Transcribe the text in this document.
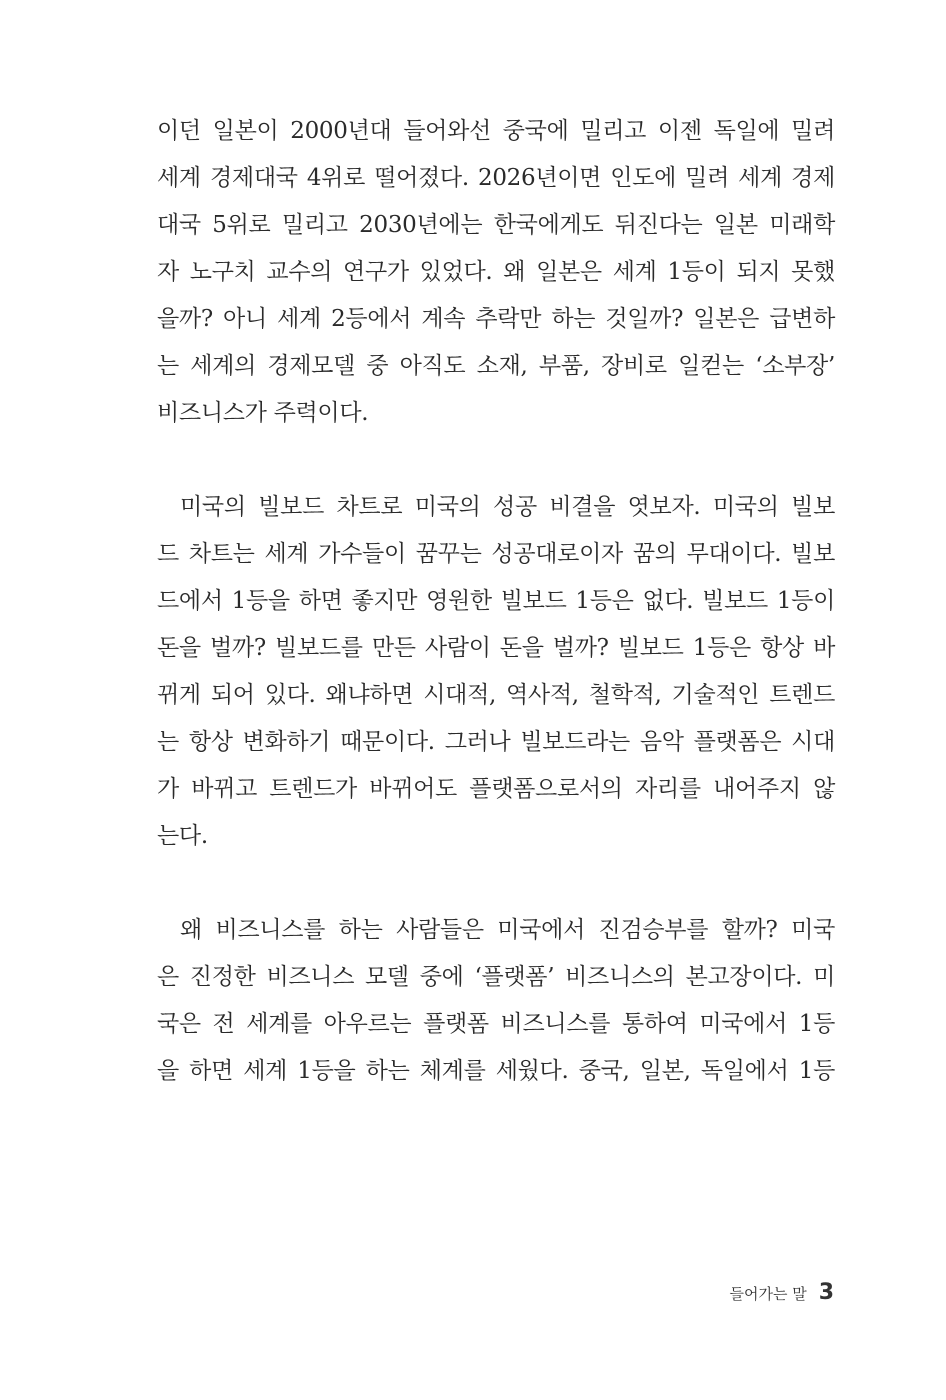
이던 일본이 2000년대 들어와선 중국에 밀리고 이젠 독일에 밀려
세계 경제대국 4위로 떨어졌다. 2026년이면 인도에 밀려 세계 경제
대국 5위로 밀리고 2030년에는 한국에게도 뒤진다는 일본 미래학
자 노구치 교수의 연구가 있었다. 왜 일본은 세계 1등이 되지 못했
을까? 아니 세계 2등에서 계속 추락만 하는 것일까? 일본은 급변하
는 세계의 경제모델 중 아직도 소재, 부품, 장비로 일컫는 ‘소부장’
비즈니스가 주력이다.
미국의 빌보드 차트로 미국의 성공 비결을 엿보자. 미국의 빌보
드 차트는 세계 가수들이 꿈꾸는 성공대로이자 꿈의 무대이다. 빌보
드에서 1등을 하면 좋지만 영원한 빌보드 1등은 없다. 빌보드 1등이
돈을 벌까? 빌보드를 만든 사람이 돈을 벌까? 빌보드 1등은 항상 바
뀌게 되어 있다. 왜냐하면 시대적, 역사적, 철학적, 기술적인 트렌드
는 항상 변화하기 때문이다. 그러나 빌보드라는 음악 플랫폼은 시대
가 바뀌고 트렌드가 바뀌어도 플랫폼으로서의 자리를 내어주지 않
는다.
왜 비즈니스를 하는 사람들은 미국에서 진검승부를 할까? 미국
은 진정한 비즈니스 모델 중에 ‘플랫폼’ 비즈니스의 본고장이다. 미
국은 전 세계를 아우르는 플랫폼 비즈니스를 통하여 미국에서 1등
을 하면 세계 1등을 하는 체계를 세웠다. 중국, 일본, 독일에서 1등
들어가는 말 3
